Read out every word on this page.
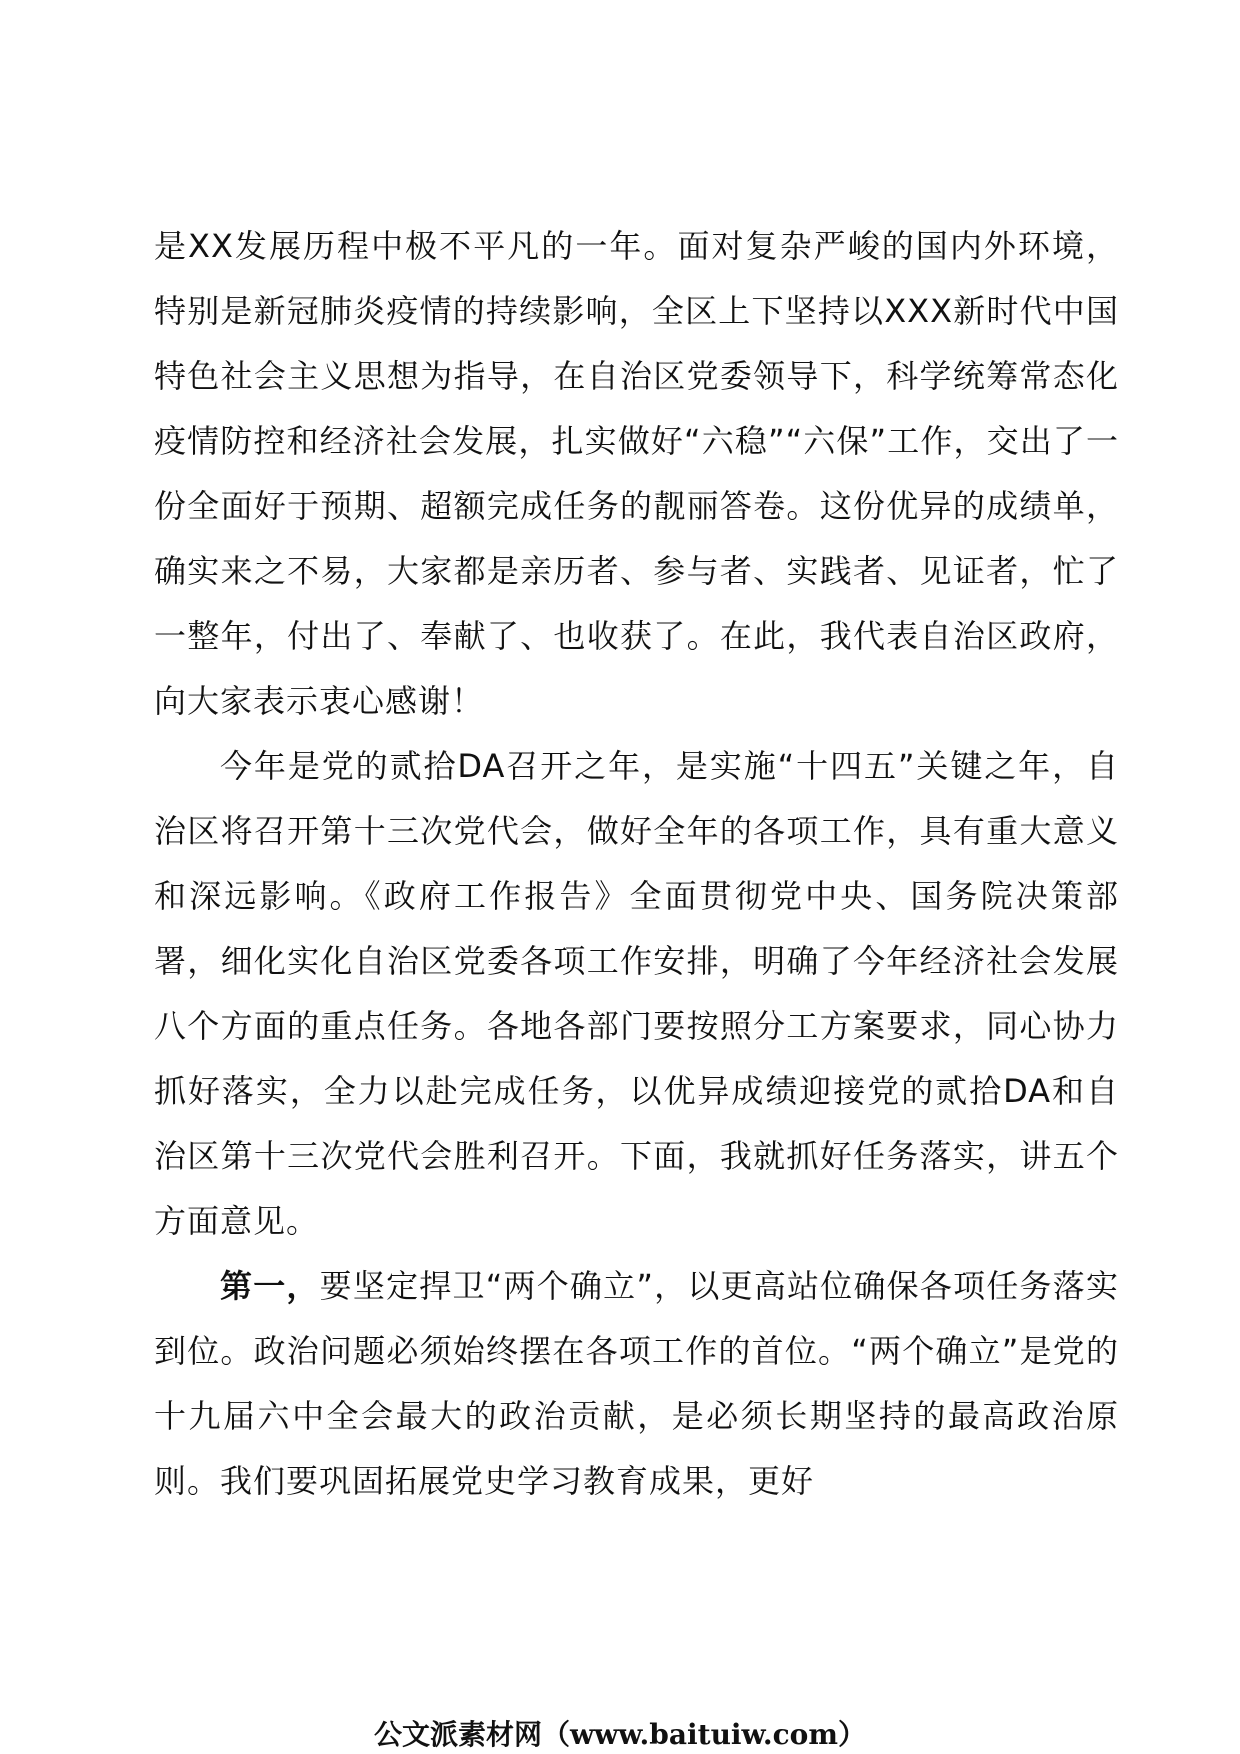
是XX发展历程中极不平凡的一年。面对复杂严峻的国内外环境，特别是新冠肺炎疫情的持续影响，全区上下坚持以XXX新时代中国特色社会主义思想为指导，在自治区党委领导下，科学统筹常态化疫情防控和经济社会发展，扎实做好“六稳”“六保”工作，交出了一份全面好于预期、超额完成任务的靓丽答卷。这份优异的成绩单，确实来之不易，大家都是亲历者、参与者、实践者、见证者，忙了一整年，付出了、奉献了、也收获了。在此，我代表自治区政府，向大家表示衷心感谢！

今年是党的贰拾DA召开之年，是实施“十四五”关键之年，自治区将召开第十三次党代会，做好全年的各项工作，具有重大意义和深远影响。《政府工作报告》全面贯彻党中央、国务院决策部署，细化实化自治区党委各项工作安排，明确了今年经济社会发展八个方面的重点任务。各地各部门要按照分工方案要求，同心协力抓好落实，全力以赴完成任务，以优异成绩迎接党的贰拾DA和自治区第十三次党代会胜利召开。下面，我就抓好任务落实，讲五个方面意见。

第一，要坚定捍卫“两个确立”，以更高站位确保各项任务落实到位。政治问题必须始终摆在各项工作的首位。“两个确立”是党的十九届六中全会最大的政治贡献，是必须长期坚持的最高政治原则。我们要巩固拓展党史学习教育成果，更好

公文派素材网（www.baituiw.com）
